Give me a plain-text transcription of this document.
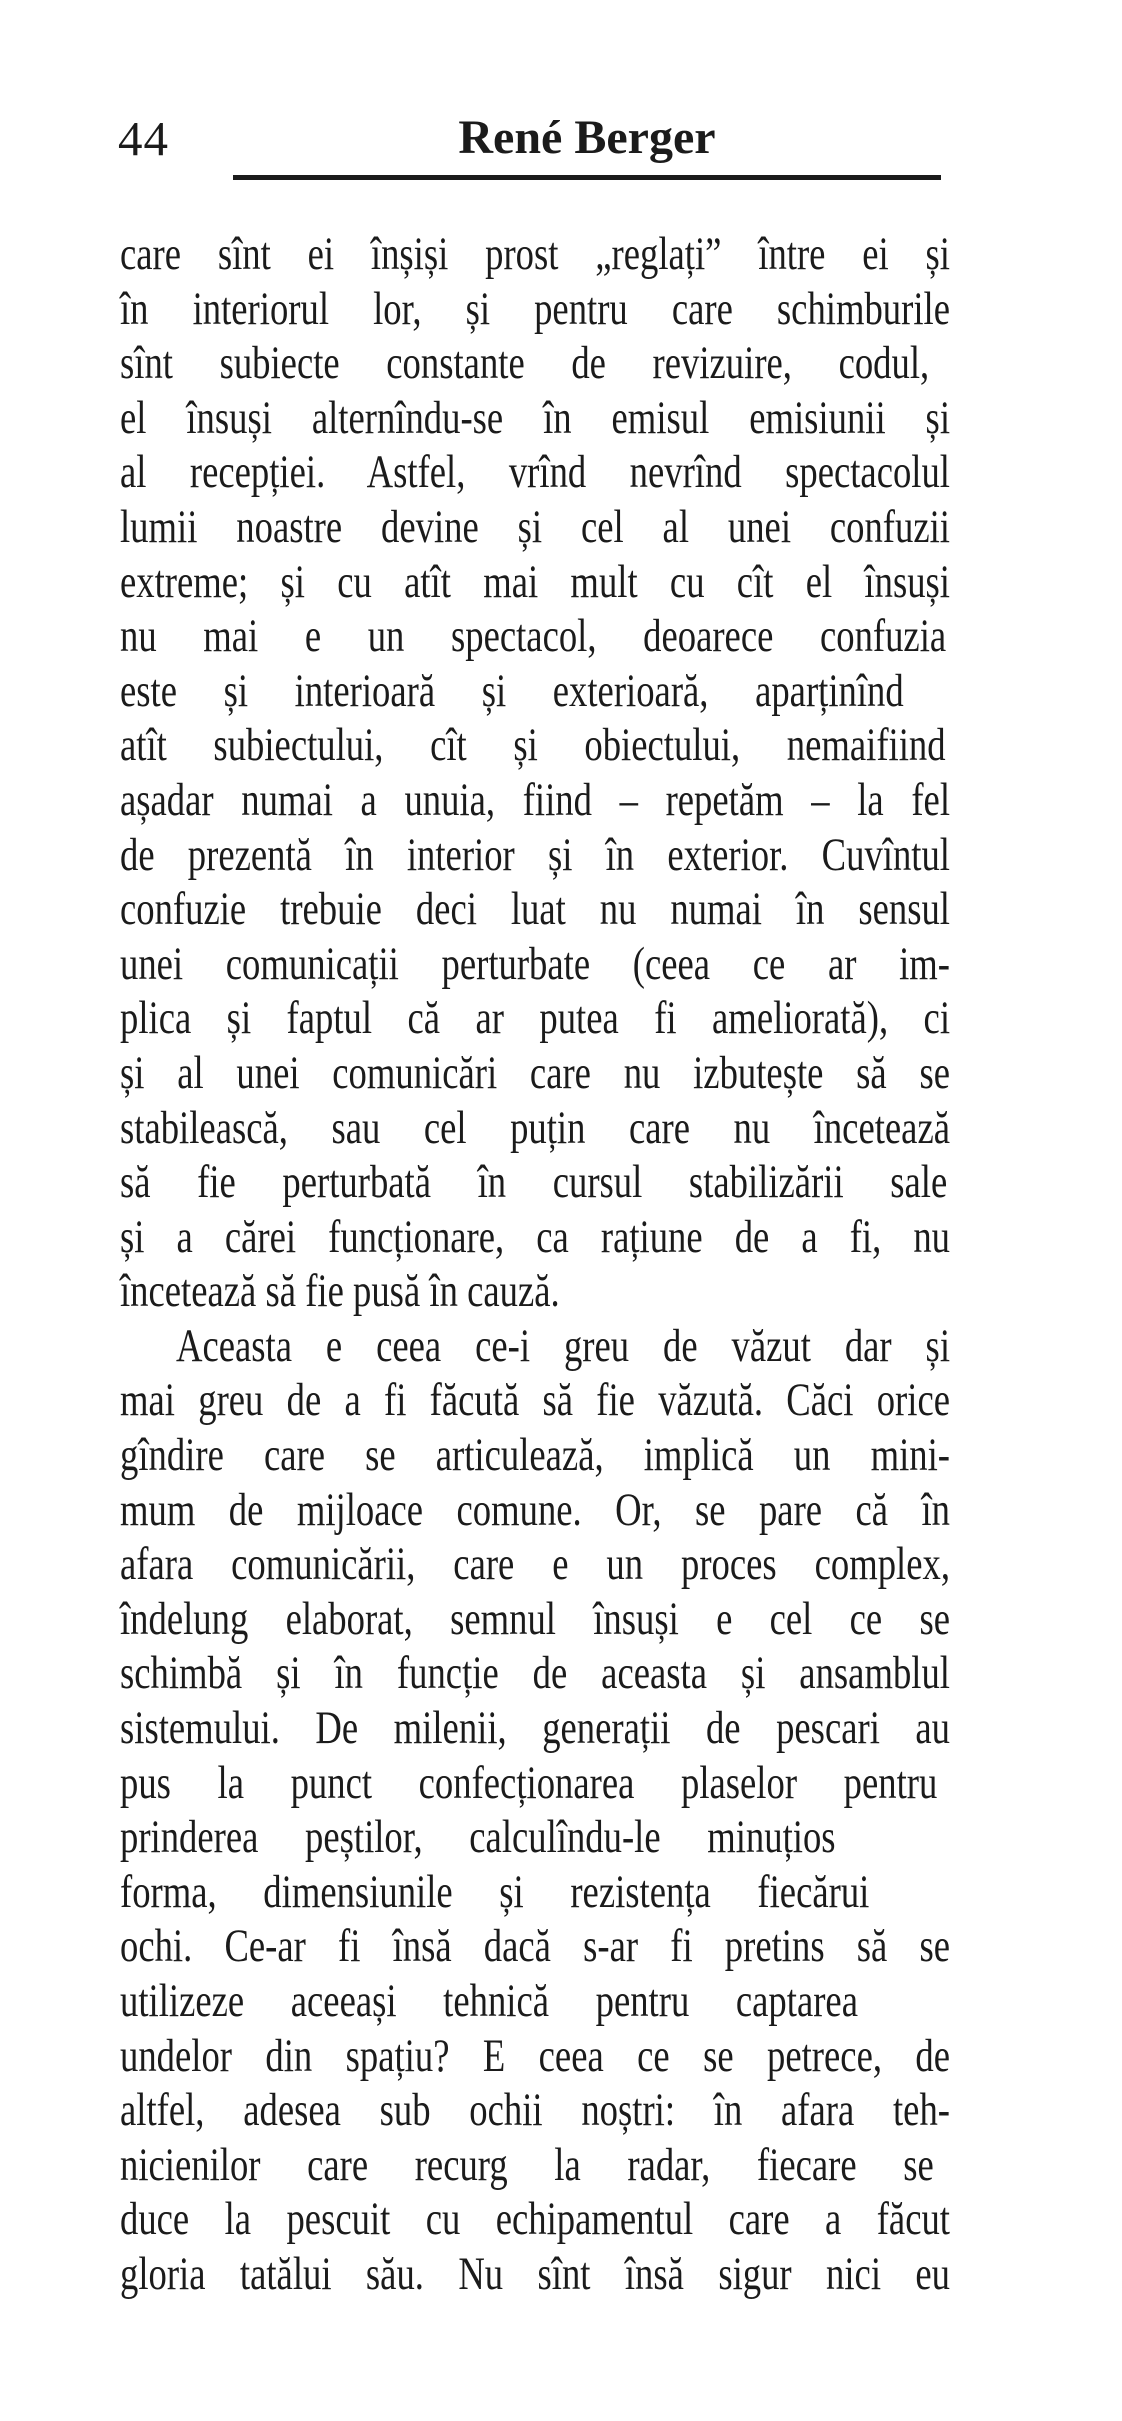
44	René Berger
care sînt ei înșiși prost „reglați” între ei și
în interiorul lor, și pentru care schimburile
sînt subiecte constante de revizuire, codul,
el însuși alternîndu-se în emisul emisiunii și
al recepției. Astfel, vrînd nevrînd spectacolul
lumii noastre devine și cel al unei confuzii
extreme; și cu atît mai mult cu cît el însuși
nu mai e un spectacol, deoarece confuzia
este și interioară și exterioară, aparținînd
atît subiectului, cît și obiectului, nemaifiind
așadar numai a unuia, fiind – repetăm – la fel
de prezentă în interior și în exterior. Cuvîntul
confuzie trebuie deci luat nu numai în sensul
unei comunicații perturbate (ceea ce ar im-
plica și faptul că ar putea fi ameliorată), ci
și al unei comunicări care nu izbutește să se
stabilească, sau cel puțin care nu încetează
să fie perturbată în cursul stabilizării sale
și a cărei funcționare, ca rațiune de a fi, nu
încetează să fie pusă în cauză.
Aceasta e ceea ce-i greu de văzut dar și
mai greu de a fi făcută să fie văzută. Căci orice
gîndire care se articulează, implică un mini-
mum de mijloace comune. Or, se pare că în
afara comunicării, care e un proces complex,
îndelung elaborat, semnul însuși e cel ce se
schimbă și în funcție de aceasta și ansamblul
sistemului. De milenii, generații de pescari au
pus la punct confecționarea plaselor pentru
prinderea peștilor, calculîndu-le minuțios
forma, dimensiunile și rezistența fiecărui
ochi. Ce-ar fi însă dacă s-ar fi pretins să se
utilizeze aceeași tehnică pentru captarea
undelor din spațiu? E ceea ce se petrece, de
altfel, adesea sub ochii noștri: în afara teh-
nicienilor care recurg la radar, fiecare se
duce la pescuit cu echipamentul care a făcut
gloria tatălui său. Nu sînt însă sigur nici eu
